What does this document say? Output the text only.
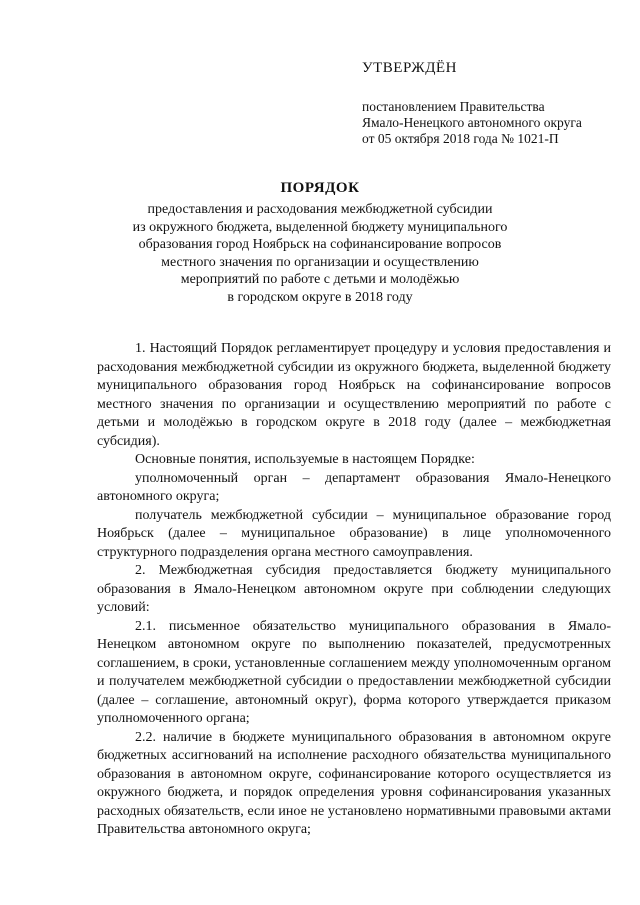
УТВЕРЖДЁН
постановлением Правительства
Ямало-Ненецкого автономного округа
от 05 октября 2018 года № 1021-П
ПОРЯДОК
предоставления и расходования межбюджетной субсидии
из окружного бюджета, выделенной бюджету муниципального
образования город Ноябрьск на софинансирование вопросов
местного значения по организации и осуществлению
мероприятий по работе с детьми и молодёжью
в городском округе в 2018 году

1. Настоящий Порядок регламентирует процедуру и условия предоставления и расходования межбюджетной субсидии из окружного бюджета, выделенной бюджету муниципального образования город Ноябрьск на софинансирование вопросов местного значения по организации и осуществлению мероприятий по работе с детьми и молодёжью в городском округе в 2018 году (далее – межбюджетная субсидия).

Основные понятия, используемые в настоящем Порядке:

уполномоченный орган – департамент образования Ямало-Ненецкого автономного округа;

получатель межбюджетной субсидии – муниципальное образование город Ноябрьск (далее – муниципальное образование) в лице уполномоченного структурного подразделения органа местного самоуправления.

2. Межбюджетная субсидия предоставляется бюджету муниципального образования в Ямало-Ненецком автономном округе при соблюдении следующих условий:

2.1. письменное обязательство муниципального образования в Ямало-Ненецком автономном округе по выполнению показателей, предусмотренных соглашением, в сроки, установленные соглашением между уполномоченным органом и получателем межбюджетной субсидии о предоставлении межбюджетной субсидии (далее – соглашение, автономный округ), форма которого утверждается приказом уполномоченного органа;

2.2. наличие в бюджете муниципального образования в автономном округе бюджетных ассигнований на исполнение расходного обязательства муниципального образования в автономном округе, софинансирование которого осуществляется из окружного бюджета, и порядок определения уровня софинансирования указанных расходных обязательств, если иное не установлено нормативными правовыми актами Правительства автономного округа;
